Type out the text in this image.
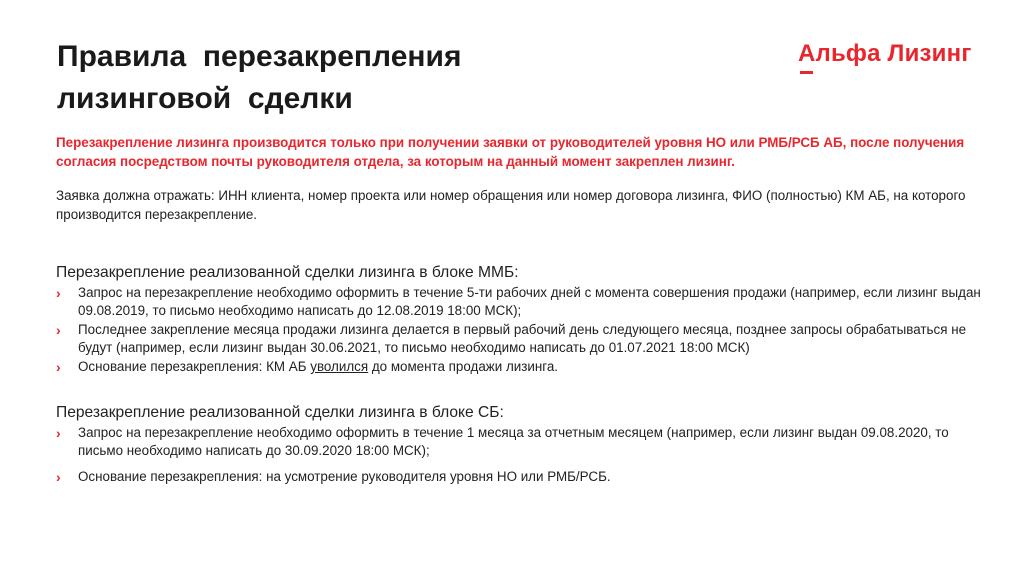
Правила  перезакрепления
лизинговой  сделки
Альфа Лизинг
Перезакрепление лизинга производится только при получении заявки от руководителей уровня НО или РМБ/РСБ АБ, после получения согласия посредством почты руководителя отдела, за которым на данный момент закреплен лизинг.
Заявка должна отражать: ИНН клиента, номер проекта или номер обращения или номер договора лизинга, ФИО (полностью) КМ АБ, на которого производится перезакрепление.
Перезакрепление реализованной сделки лизинга в блоке ММБ:
› Запрос на перезакрепление необходимо оформить в течение 5-ти рабочих дней с момента совершения продажи (например, если лизинг выдан 09.08.2019, то письмо необходимо написать до 12.08.2019 18:00 МСК);
› Последнее закрепление месяца продажи лизинга делается в первый рабочий день следующего месяца, позднее запросы обрабатываться не будут (например, если лизинг выдан 30.06.2021, то письмо необходимо написать до 01.07.2021 18:00 МСК)
› Основание перезакрепления: КМ АБ уволился до момента продажи лизинга.
Перезакрепление реализованной сделки лизинга в блоке СБ:
› Запрос на перезакрепление необходимо оформить в течение 1 месяца за отчетным месяцем (например, если лизинг выдан 09.08.2020, то письмо необходимо написать до 30.09.2020 18:00 МСК);
› Основание перезакрепления: на усмотрение руководителя уровня НО или РМБ/РСБ.
